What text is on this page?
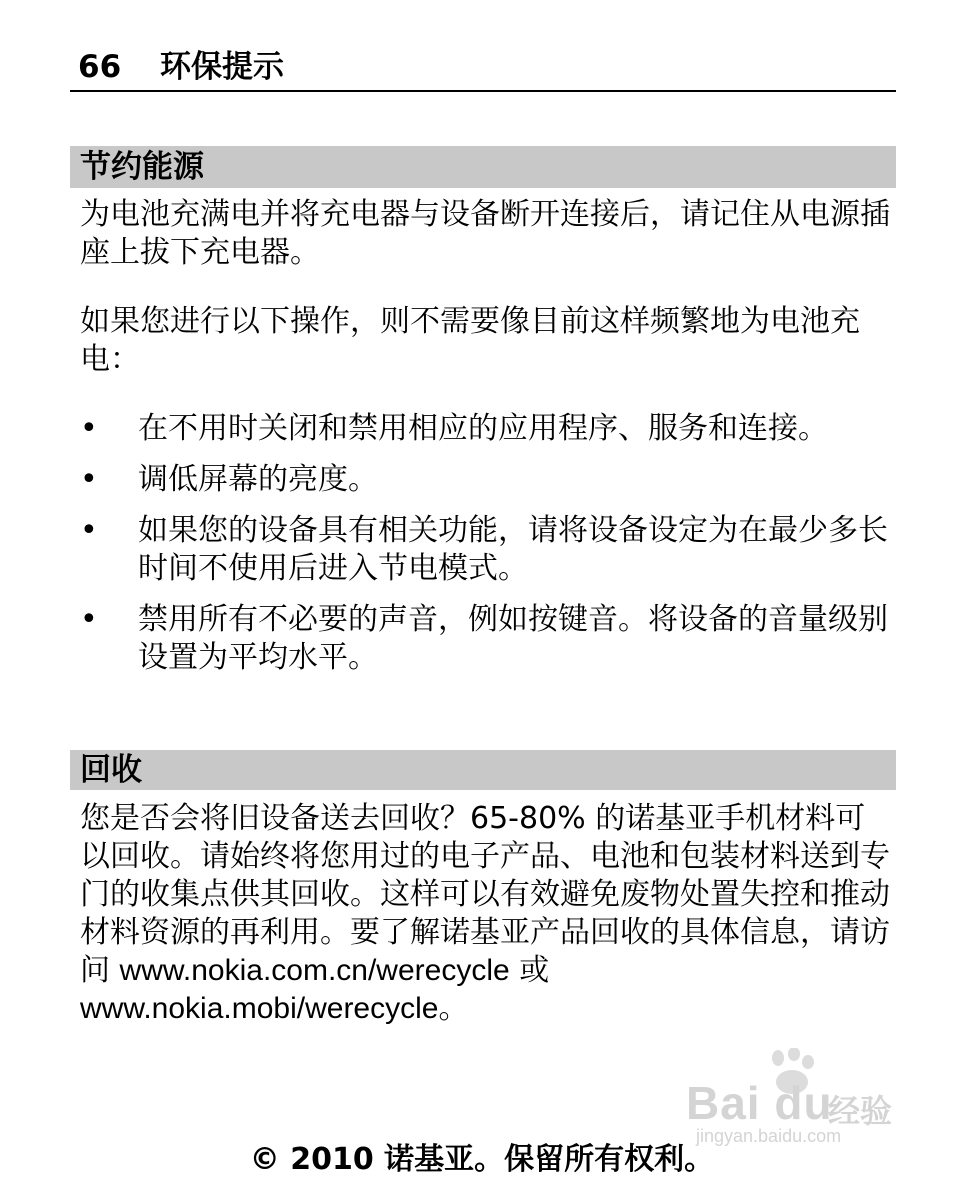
66 环保提示
节约能源

为电池充满电并将充电器与设备断开连接后，请记住从电源插座上拔下充电器。

如果您进行以下操作，则不需要像目前这样频繁地为电池充电：

• 在不用时关闭和禁用相应的应用程序、服务和连接。
• 调低屏幕的亮度。
• 如果您的设备具有相关功能，请将设备设定为在最少多长时间不使用后进入节电模式。
• 禁用所有不必要的声音，例如按键音。将设备的音量级别设置为平均水平。
回收

您是否会将旧设备送去回收？65-80% 的诺基亚手机材料可以回收。请始终将您用过的电子产品、电池和包装材料送到专门的收集点供其回收。这样可以有效避免废物处置失控和推动材料资源的再利用。要了解诺基亚产品回收的具体信息，请访问 www.nokia.com.cn/werecycle 或 www.nokia.mobi/werecycle。

Bai du
经验
jingyan.baidu.com
© 2010 诺基亚。保留所有权利。
